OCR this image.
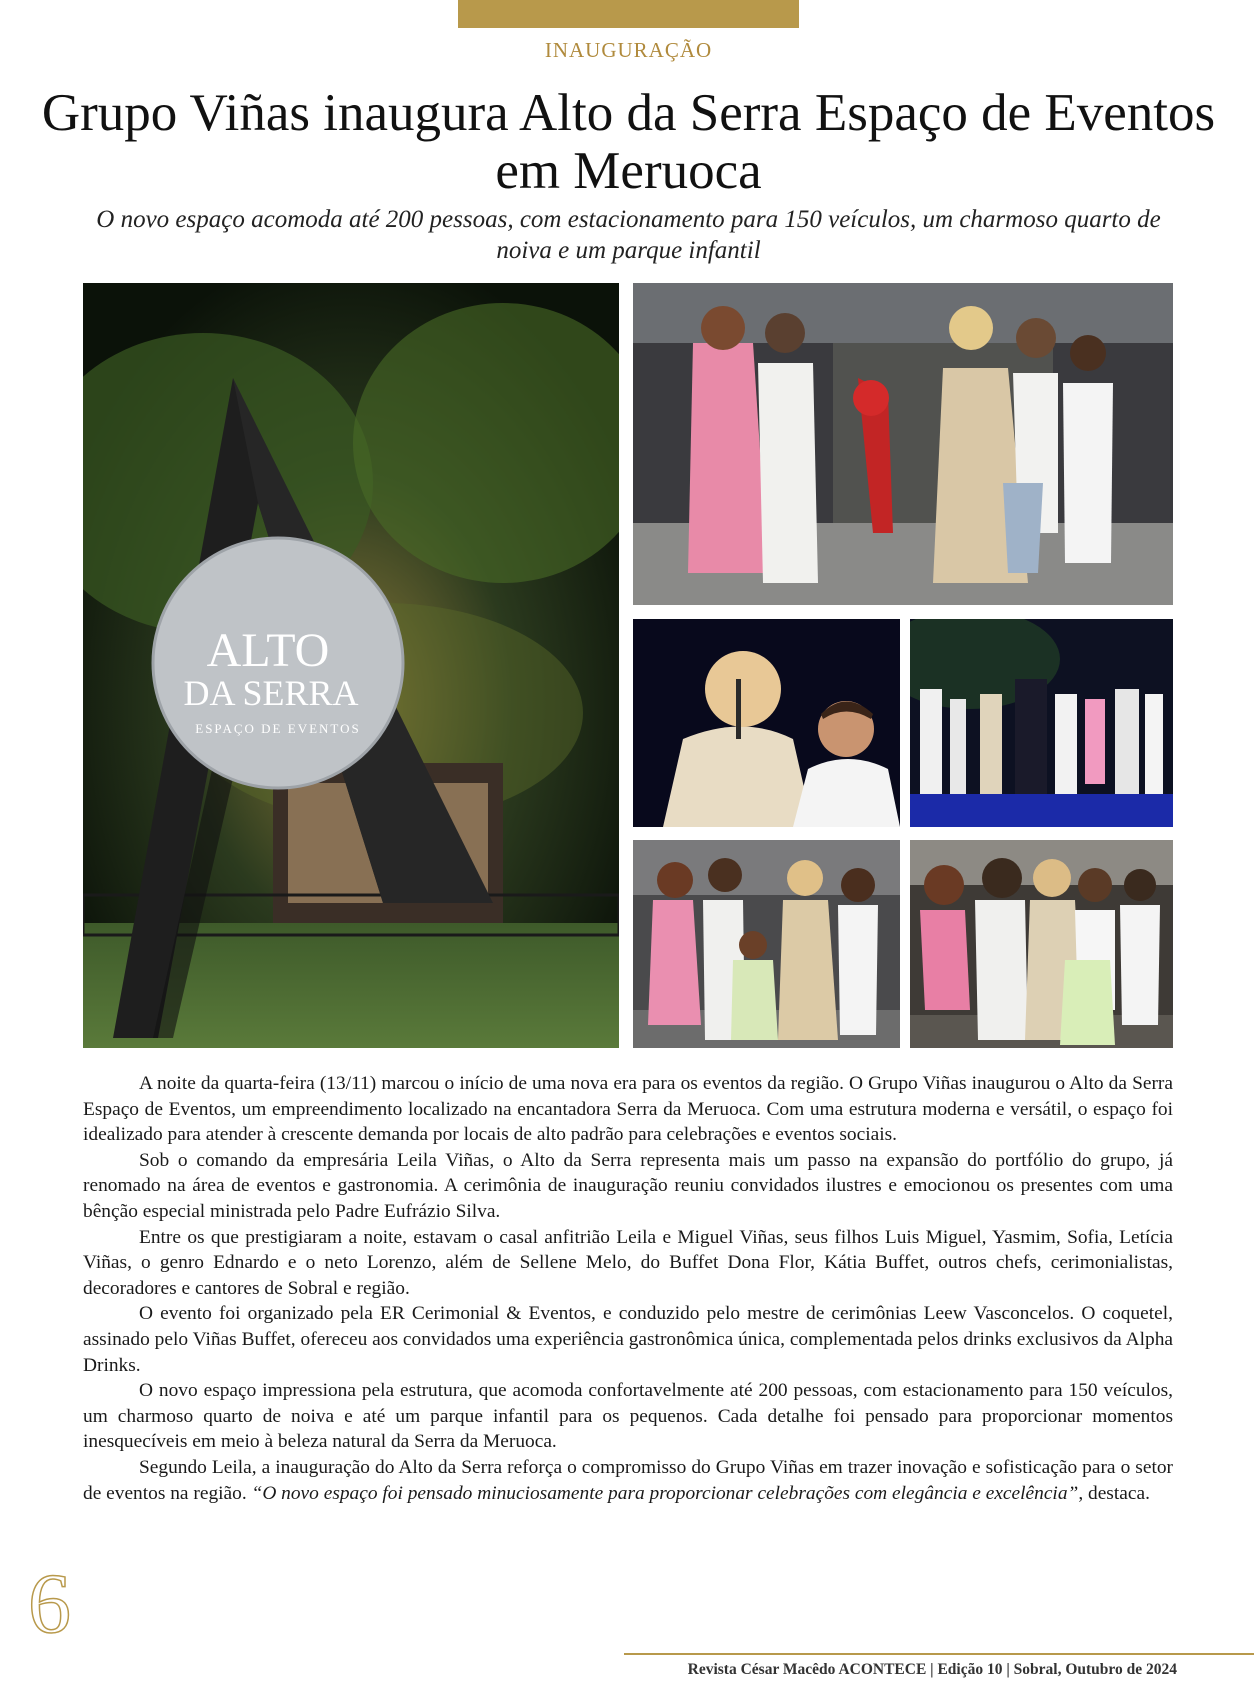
INAUGURAÇÃO
Grupo Viñas inaugura Alto da Serra Espaço de Eventos em Meruoca

O novo espaço acomoda até 200 pessoas, com estacionamento para 150 veículos, um charmoso quarto de noiva e um parque infantil

ALTO
DA SERRA
ESPAÇO DE EVENTOS

A noite da quarta-feira (13/11) marcou o início de uma nova era para os eventos da região. O Grupo Viñas inaugurou o Alto da Serra Espaço de Eventos, um empreendimento localizado na encantadora Serra da Meruoca. Com uma estrutura moderna e versátil, o espaço foi idealizado para atender à crescente demanda por locais de alto padrão para celebrações e eventos sociais.

Sob o comando da empresária Leila Viñas, o Alto da Serra representa mais um passo na expansão do portfólio do grupo, já renomado na área de eventos e gastronomia. A cerimônia de inauguração reuniu convidados ilustres e emocionou os presentes com uma bênção especial ministrada pelo Padre Eufrázio Silva.

Entre os que prestigiaram a noite, estavam o casal anfitrião Leila e Miguel Viñas, seus filhos Luis Miguel, Yasmim, Sofia, Letícia Viñas, o genro Ednardo e o neto Lorenzo, além de Sellene Melo, do Buffet Dona Flor, Kátia Buffet, outros chefs, cerimonialistas, decoradores e cantores de Sobral e região.

O evento foi organizado pela ER Cerimonial & Eventos, e conduzido pelo mestre de cerimônias Leew Vasconcelos. O coquetel, assinado pelo Viñas Buffet, ofereceu aos convidados uma experiência gastronômica única, complementada pelos drinks exclusivos da Alpha Drinks.

O novo espaço impressiona pela estrutura, que acomoda confortavelmente até 200 pessoas, com estacionamento para 150 veículos, um charmoso quarto de noiva e até um parque infantil para os pequenos. Cada detalhe foi pensado para proporcionar momentos inesquecíveis em meio à beleza natural da Serra da Meruoca.

Segundo Leila, a inauguração do Alto da Serra reforça o compromisso do Grupo Viñas em trazer inovação e sofisticação para o setor de eventos na região. “O novo espaço foi pensado minuciosamente para proporcionar celebrações com elegância e excelência”, destaca.

6
Revista César Macêdo ACONTECE | Edição 10 | Sobral, Outubro de 2024
